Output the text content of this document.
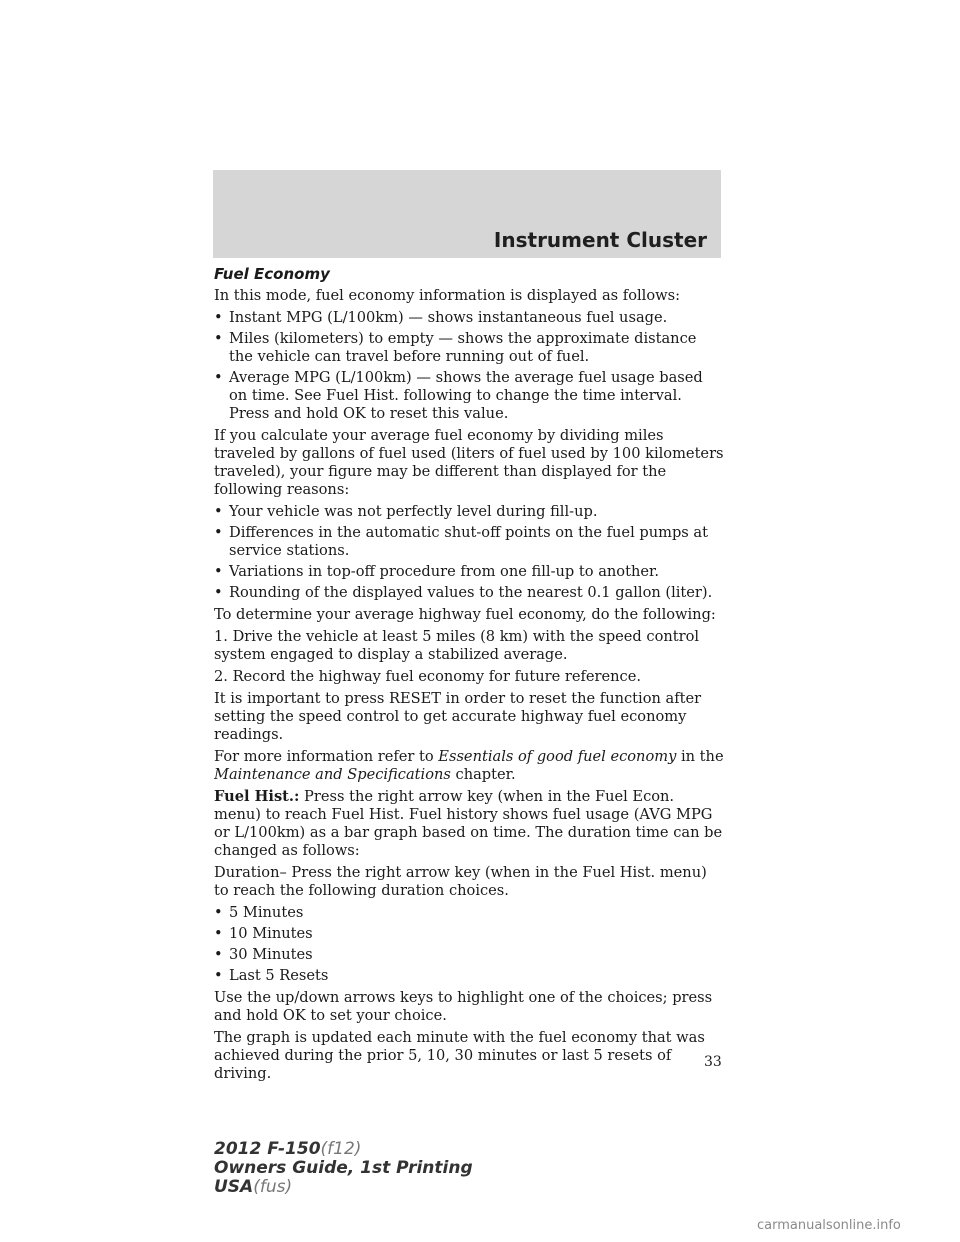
Instrument Cluster
Fuel Economy

In this mode, fuel economy information is displayed as follows:

• Instant MPG (L/100km) — shows instantaneous fuel usage.
• Miles (kilometers) to empty — shows the approximate distance the vehicle can travel before running out of fuel.
• Average MPG (L/100km) — shows the average fuel usage based on time. See Fuel Hist. following to change the time interval. Press and hold OK to reset this value.

If you calculate your average fuel economy by dividing miles traveled by gallons of fuel used (liters of fuel used by 100 kilometers traveled), your figure may be different than displayed for the following reasons:

• Your vehicle was not perfectly level during fill-up.
• Differences in the automatic shut-off points on the fuel pumps at service stations.
• Variations in top-off procedure from one fill-up to another.
• Rounding of the displayed values to the nearest 0.1 gallon (liter).

To determine your average highway fuel economy, do the following:

1. Drive the vehicle at least 5 miles (8 km) with the speed control system engaged to display a stabilized average.

2. Record the highway fuel economy for future reference.

It is important to press RESET in order to reset the function after setting the speed control to get accurate highway fuel economy readings.

For more information refer to Essentials of good fuel economy in the Maintenance and Specifications chapter.

Fuel Hist.: Press the right arrow key (when in the Fuel Econ. menu) to reach Fuel Hist. Fuel history shows fuel usage (AVG MPG or L/100km) as a bar graph based on time. The duration time can be changed as follows:

Duration– Press the right arrow key (when in the Fuel Hist. menu) to reach the following duration choices.

• 5 Minutes
• 10 Minutes
• 30 Minutes
• Last 5 Resets

Use the up/down arrows keys to highlight one of the choices; press and hold OK to set your choice.

The graph is updated each minute with the fuel economy that was achieved during the prior 5, 10, 30 minutes or last 5 resets of driving.

33
2012 F-150(f12)
Owners Guide, 1st Printing
USA(fus)
carmanualsonline.info
